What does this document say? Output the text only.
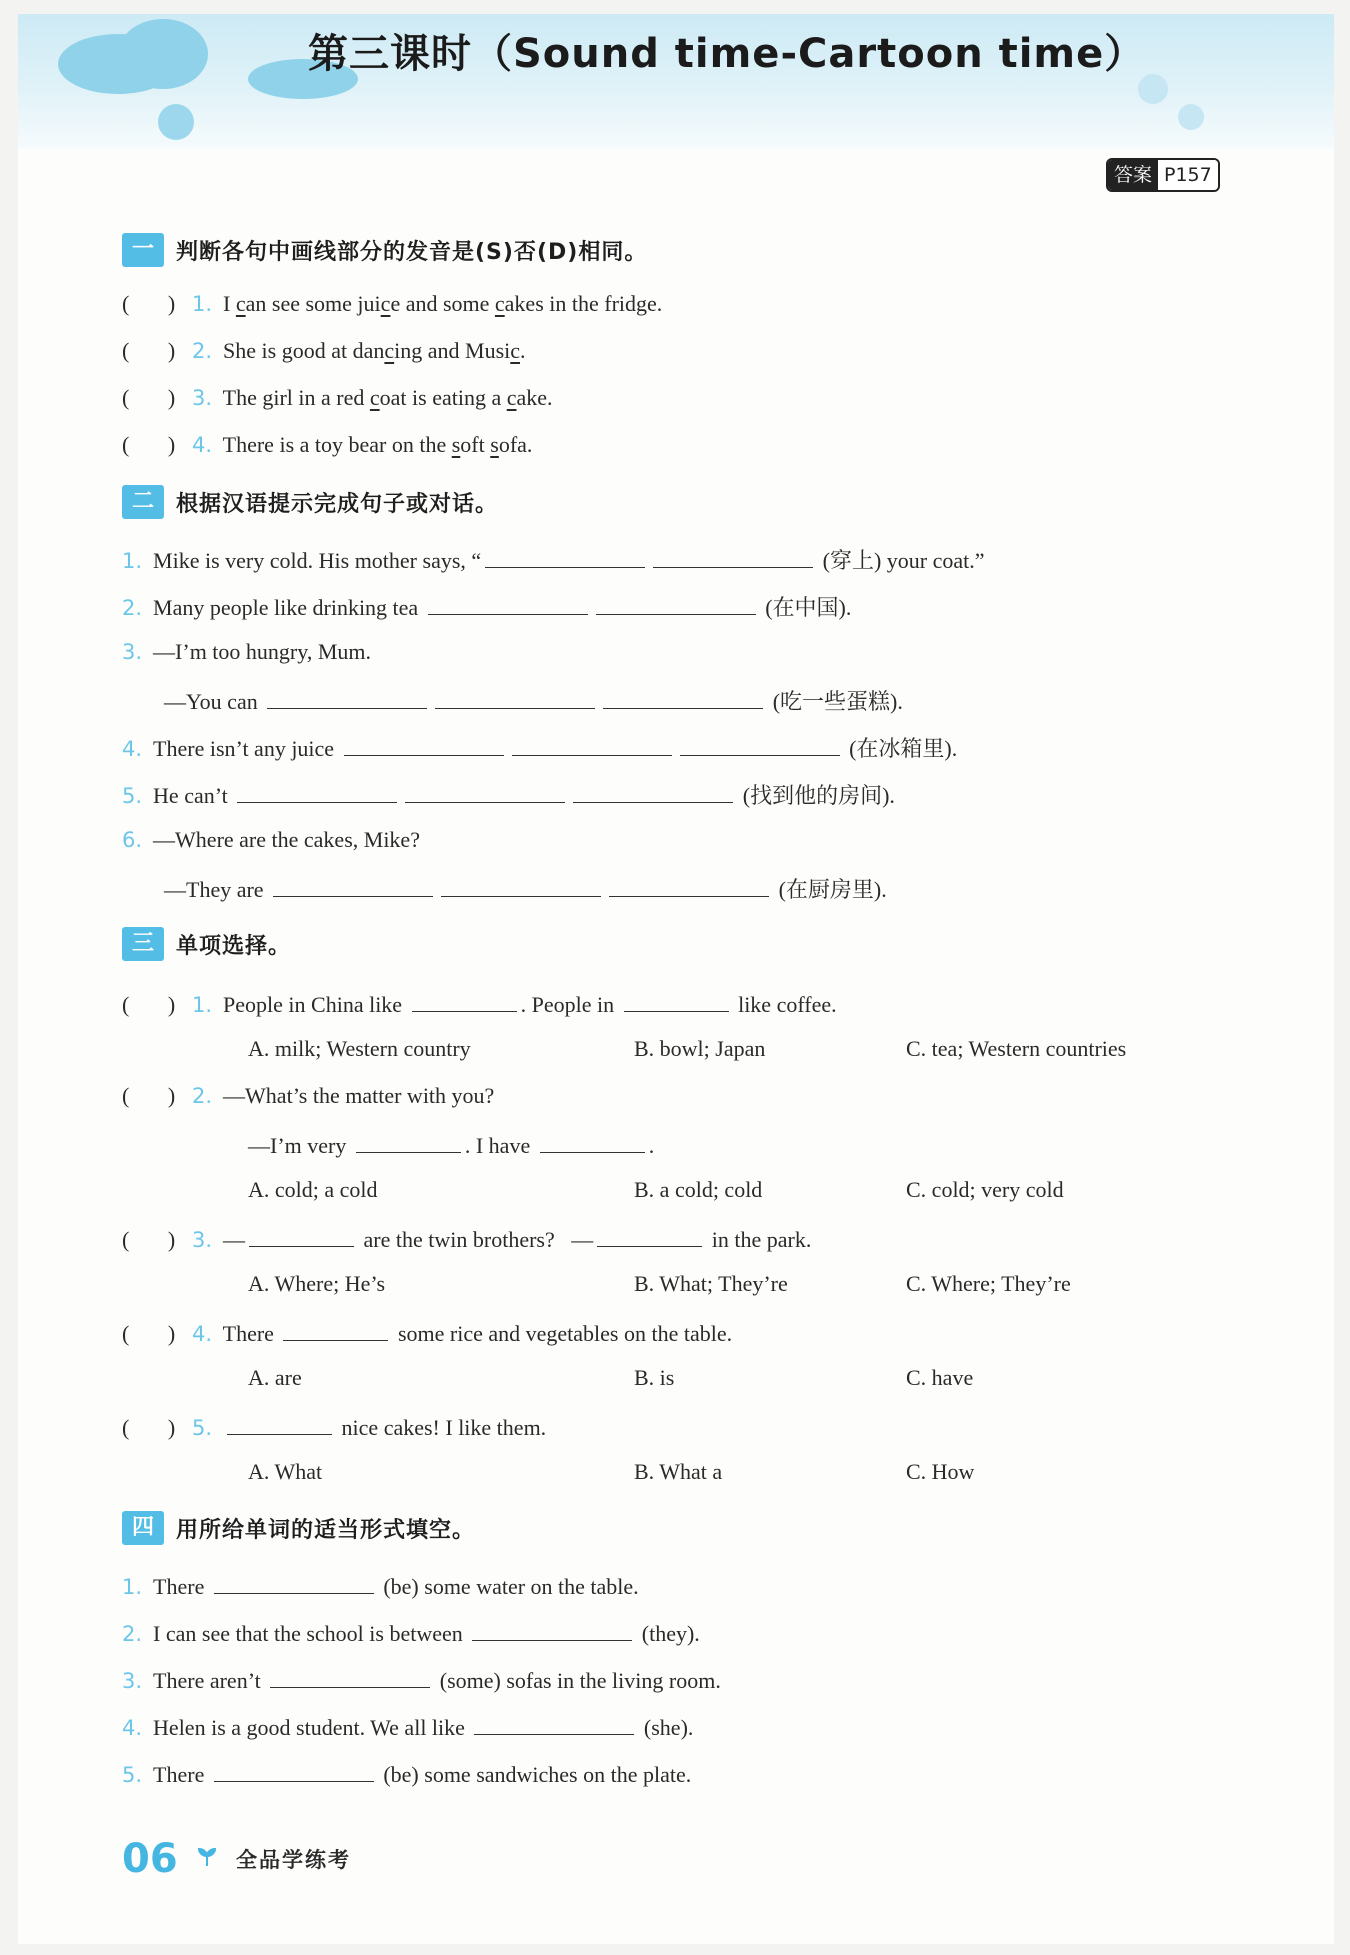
第三课时（Sound time-Cartoon time）
答案 P157
一	判断各句中画线部分的发音是(S)否(D)相同。
(       ) 1. I can see some juice and some cakes in the fridge.
(       ) 2. She is good at dancing and Music.
(       ) 3. The girl in a red coat is eating a cake.
(       ) 4. There is a toy bear on the soft sofa.
二	根据汉语提示完成句子或对话。
1. Mike is very cold. His mother says, “	(穿上) your coat.”
2. Many people like drinking tea	(在中国).
3. —I’m too hungry, Mum.
—You can	(吃一些蛋糕).
4. There isn’t any juice	(在冰箱里).
5. He can’t	(找到他的房间).
6. —Where are the cakes, Mike?
—They are	(在厨房里).
三	单项选择。
(       ) 1. People in China like	. People in	like coffee.
A. milk; Western country	B. bowl; Japan	C. tea; Western countries
(       ) 2. —What’s the matter with you?
—I’m very	. I have	.
A. cold; a cold	B. a cold; cold	C. cold; very cold
(       ) 3. —	are the twin brothers? —	in the park.
A. Where; He’s	B. What; They’re	C. Where; They’re
(       ) 4. There	some rice and vegetables on the table.
A. are	B. is	C. have
(       ) 5.	nice cakes! I like them.
A. What	B. What a	C. How
四	用所给单词的适当形式填空。
1. There	(be) some water on the table.
2. I can see that the school is between	(they).
3. There aren’t	(some) sofas in the living room.
4. Helen is a good student. We all like	(she).
5. There	(be) some sandwiches on the plate.
06	全品学练考
